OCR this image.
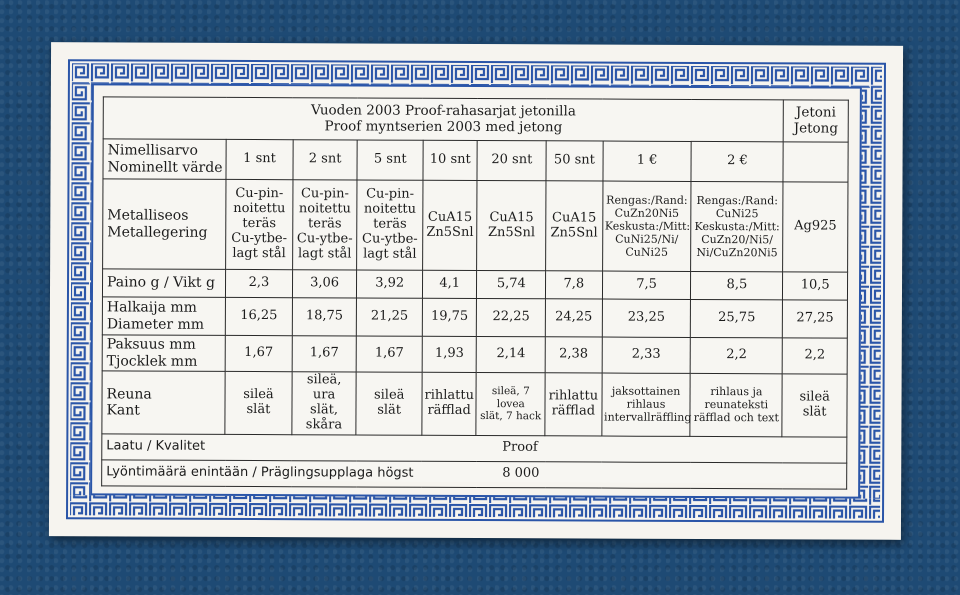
Vuoden 2003 Proof-rahasarjat jetonilla
Proof myntserien 2003 med jetong									Jetoni
Jetong

Nimellisarvo
Nominellt värde	1 snt	2 snt	5 snt	10 snt	20 snt	50 snt	1 €	2 €	

Metalliseos
Metallegering	Cu-pin-
noitettu
teräs
Cu-ytbe-
lagt stål	Cu-pin-
noitettu
teräs
Cu-ytbe-
lagt stål	Cu-pin-
noitettu
teräs
Cu-ytbe-
lagt stål	CuA15
Zn5Snl	CuA15
Zn5Snl	CuA15
Zn5Snl	Rengas:/Rand:
CuZn20Ni5
Keskusta:/Mitt:
CuNi25/Ni/
CuNi25	Rengas:/Rand:
CuNi25
Keskusta:/Mitt:
CuZn20/Ni5/
Ni/CuZn20Ni5	Ag925

Paino g / Vikt g	2,3	3,06	3,92	4,1	5,74	7,8	7,5	8,5	10,5

Halkaija mm
Diameter mm	16,25	18,75	21,25	19,75	22,25	24,25	23,25	25,75	27,25

Paksuus mm
Tjocklek mm	1,67	1,67	1,67	1,93	2,14	2,38	2,33	2,2	2,2

Reuna
Kant	sileä
slät	sileä, ura
slät, skåra	sileä
slät	rihlattu
räfflad	sileä, 7 lovea
slät, 7 hack	rihlattu
räfflad	jaksottainen
rihlaus
intervallräffling	rihlaus ja
reunateksti
räfflad och text	sileä
slät

Laatu / Kvalitet Proof									

Lyöntimäärä enintään / Präglingsupplaga högst 8 000									
